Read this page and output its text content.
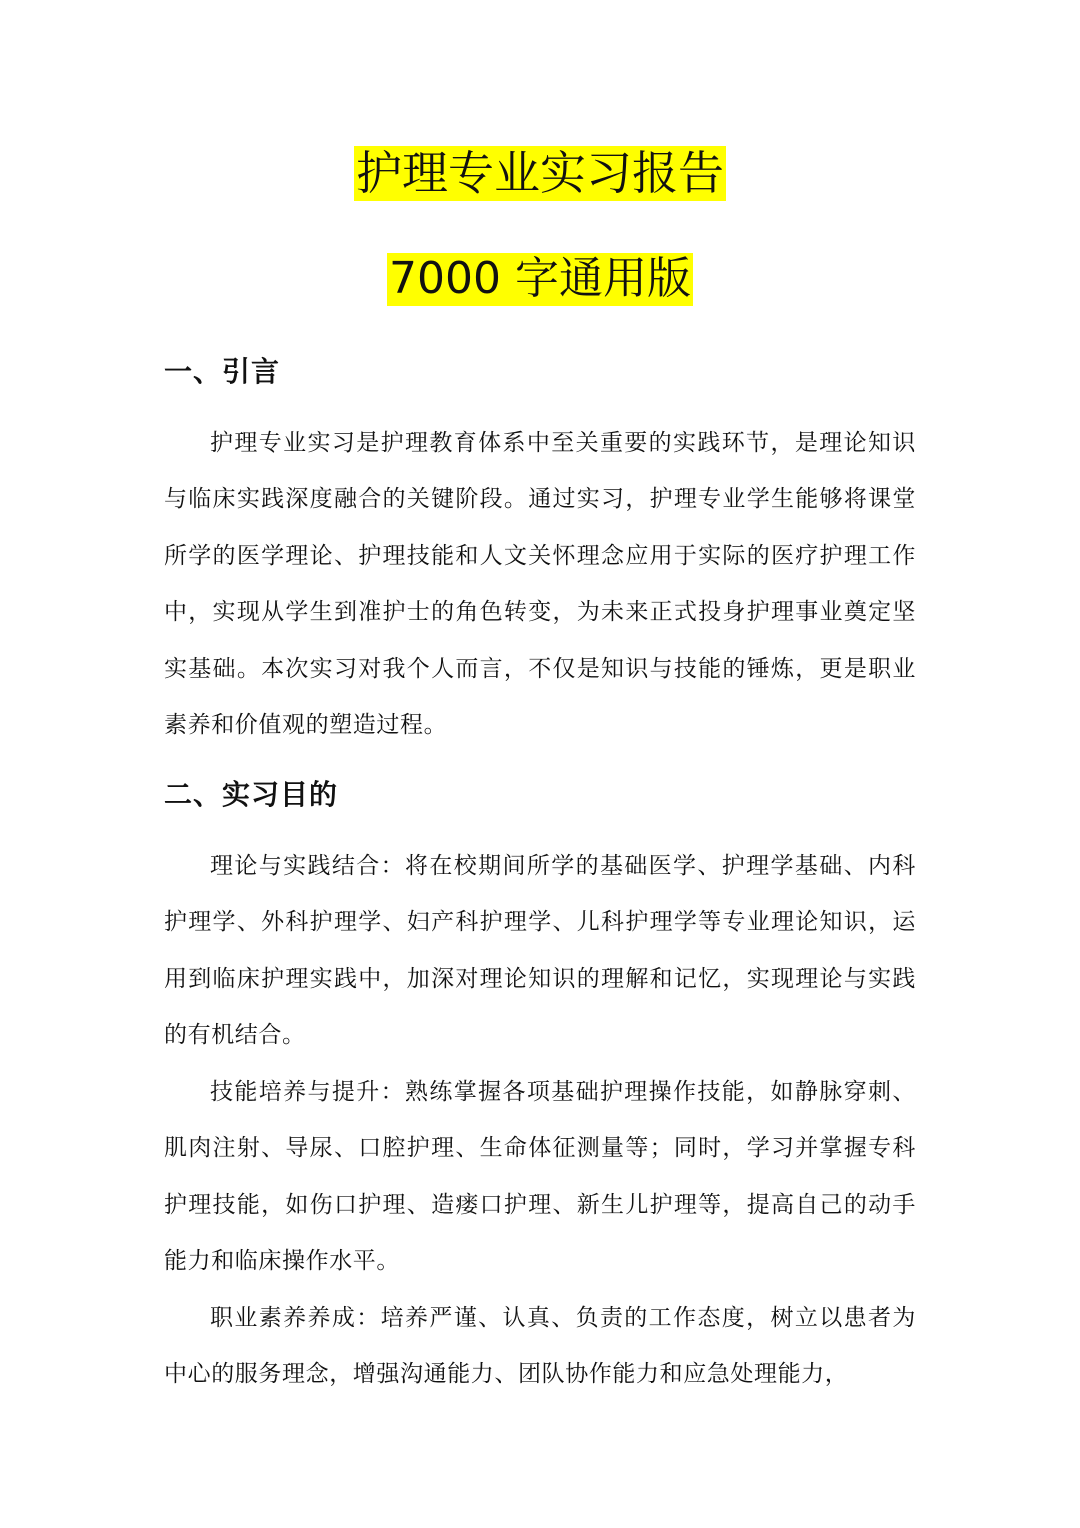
护理专业实习报告
7000 字通用版
一、引言

护理专业实习是护理教育体系中至关重要的实践环节，是理论知识与临床实践深度融合的关键阶段。通过实习，护理专业学生能够将课堂所学的医学理论、护理技能和人文关怀理念应用于实际的医疗护理工作中，实现从学生到准护士的角色转变，为未来正式投身护理事业奠定坚实基础。本次实习对我个人而言，不仅是知识与技能的锤炼，更是职业素养和价值观的塑造过程。

二、实习目的

理论与实践结合：将在校期间所学的基础医学、护理学基础、内科护理学、外科护理学、妇产科护理学、儿科护理学等专业理论知识，运用到临床护理实践中，加深对理论知识的理解和记忆，实现理论与实践的有机结合。

技能培养与提升：熟练掌握各项基础护理操作技能，如静脉穿刺、肌肉注射、导尿、口腔护理、生命体征测量等；同时，学习并掌握专科护理技能，如伤口护理、造瘘口护理、新生儿护理等，提高自己的动手能力和临床操作水平。

职业素养养成：培养严谨、认真、负责的工作态度，树立以患者为中心的服务理念，增强沟通能力、团队协作能力和应急处理能力，
